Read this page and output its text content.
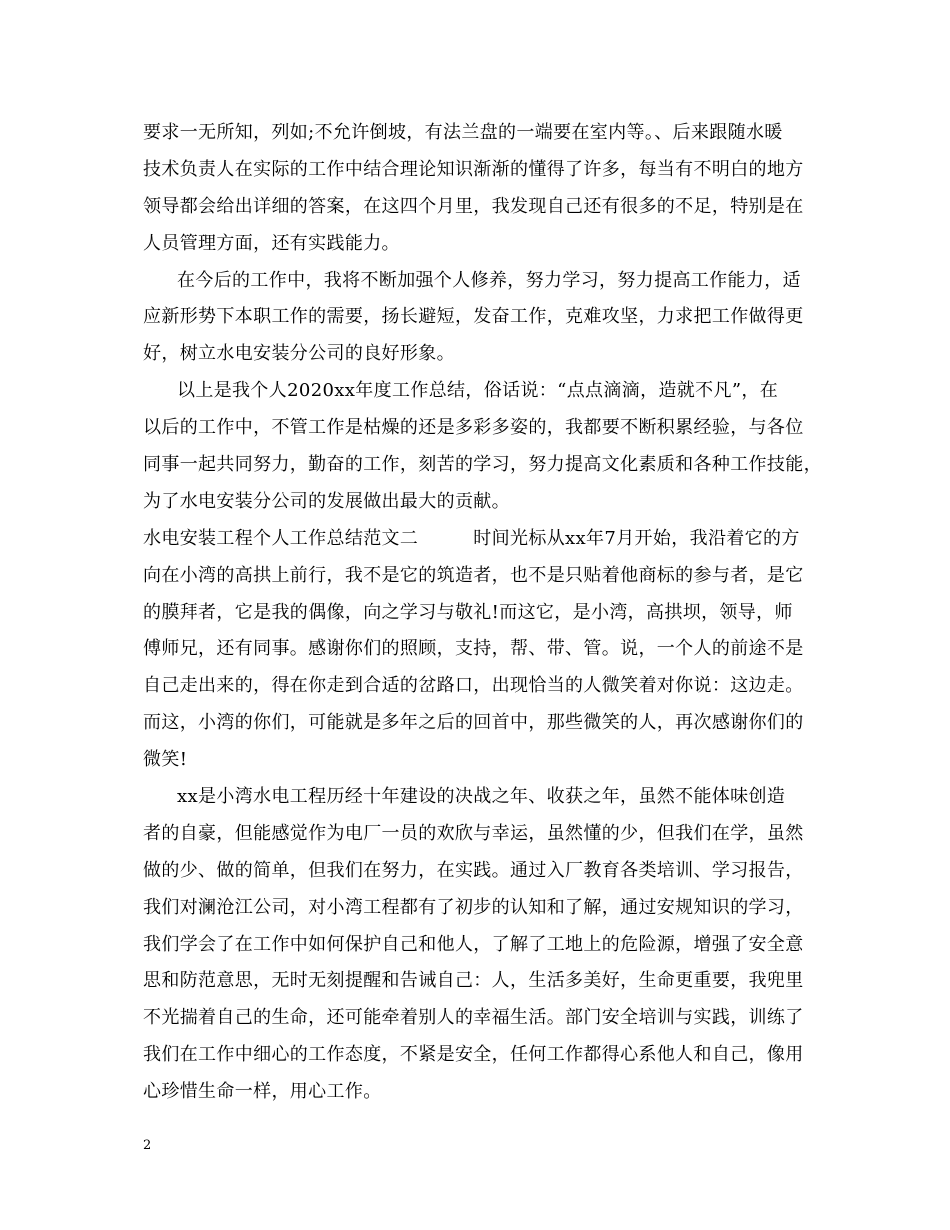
要求一无所知，列如;不允许倒坡，有法兰盘的一端要在室内等。、后来跟随水暖
技术负责人在实际的工作中结合理论知识渐渐的懂得了许多，每当有不明白的地方
领导都会给出详细的答案，在这四个月里，我发现自己还有很多的不足，特别是在
人员管理方面，还有实践能力。
在今后的工作中，我将不断加强个人修养，努力学习，努力提高工作能力，适
应新形势下本职工作的需要，扬长避短，发奋工作，克难攻坚，力求把工作做得更
好，树立水电安装分公司的良好形象。
以上是我个人2020xx年度工作总结，俗话说：“点点滴滴，造就不凡”，在
以后的工作中，不管工作是枯燥的还是多彩多姿的，我都要不断积累经验，与各位
同事一起共同努力，勤奋的工作，刻苦的学习，努力提高文化素质和各种工作技能，
为了水电安装分公司的发展做出最大的贡献。
水电安装工程个人工作总结范文二　　　时间光标从xx年7月开始，我沿着它的方
向在小湾的高拱上前行，我不是它的筑造者，也不是只贴着他商标的参与者，是它
的膜拜者，它是我的偶像，向之学习与敬礼!而这它，是小湾，高拱坝，领导，师
傅师兄，还有同事。感谢你们的照顾，支持，帮、带、管。说，一个人的前途不是
自己走出来的，得在你走到合适的岔路口，出现恰当的人微笑着对你说：这边走。
而这，小湾的你们，可能就是多年之后的回首中，那些微笑的人，再次感谢你们的
微笑!
xx是小湾水电工程历经十年建设的决战之年、收获之年，虽然不能体味创造
者的自豪，但能感觉作为电厂一员的欢欣与幸运，虽然懂的少，但我们在学，虽然
做的少、做的简单，但我们在努力，在实践。通过入厂教育各类培训、学习报告，
我们对澜沧江公司，对小湾工程都有了初步的认知和了解，通过安规知识的学习，
我们学会了在工作中如何保护自己和他人，了解了工地上的危险源，增强了安全意
思和防范意思，无时无刻提醒和告诫自己：人，生活多美好，生命更重要，我兜里
不光揣着自己的生命，还可能牵着别人的幸福生活。部门安全培训与实践，训练了
我们在工作中细心的工作态度，不紧是安全，任何工作都得心系他人和自己，像用
心珍惜生命一样，用心工作。
2
